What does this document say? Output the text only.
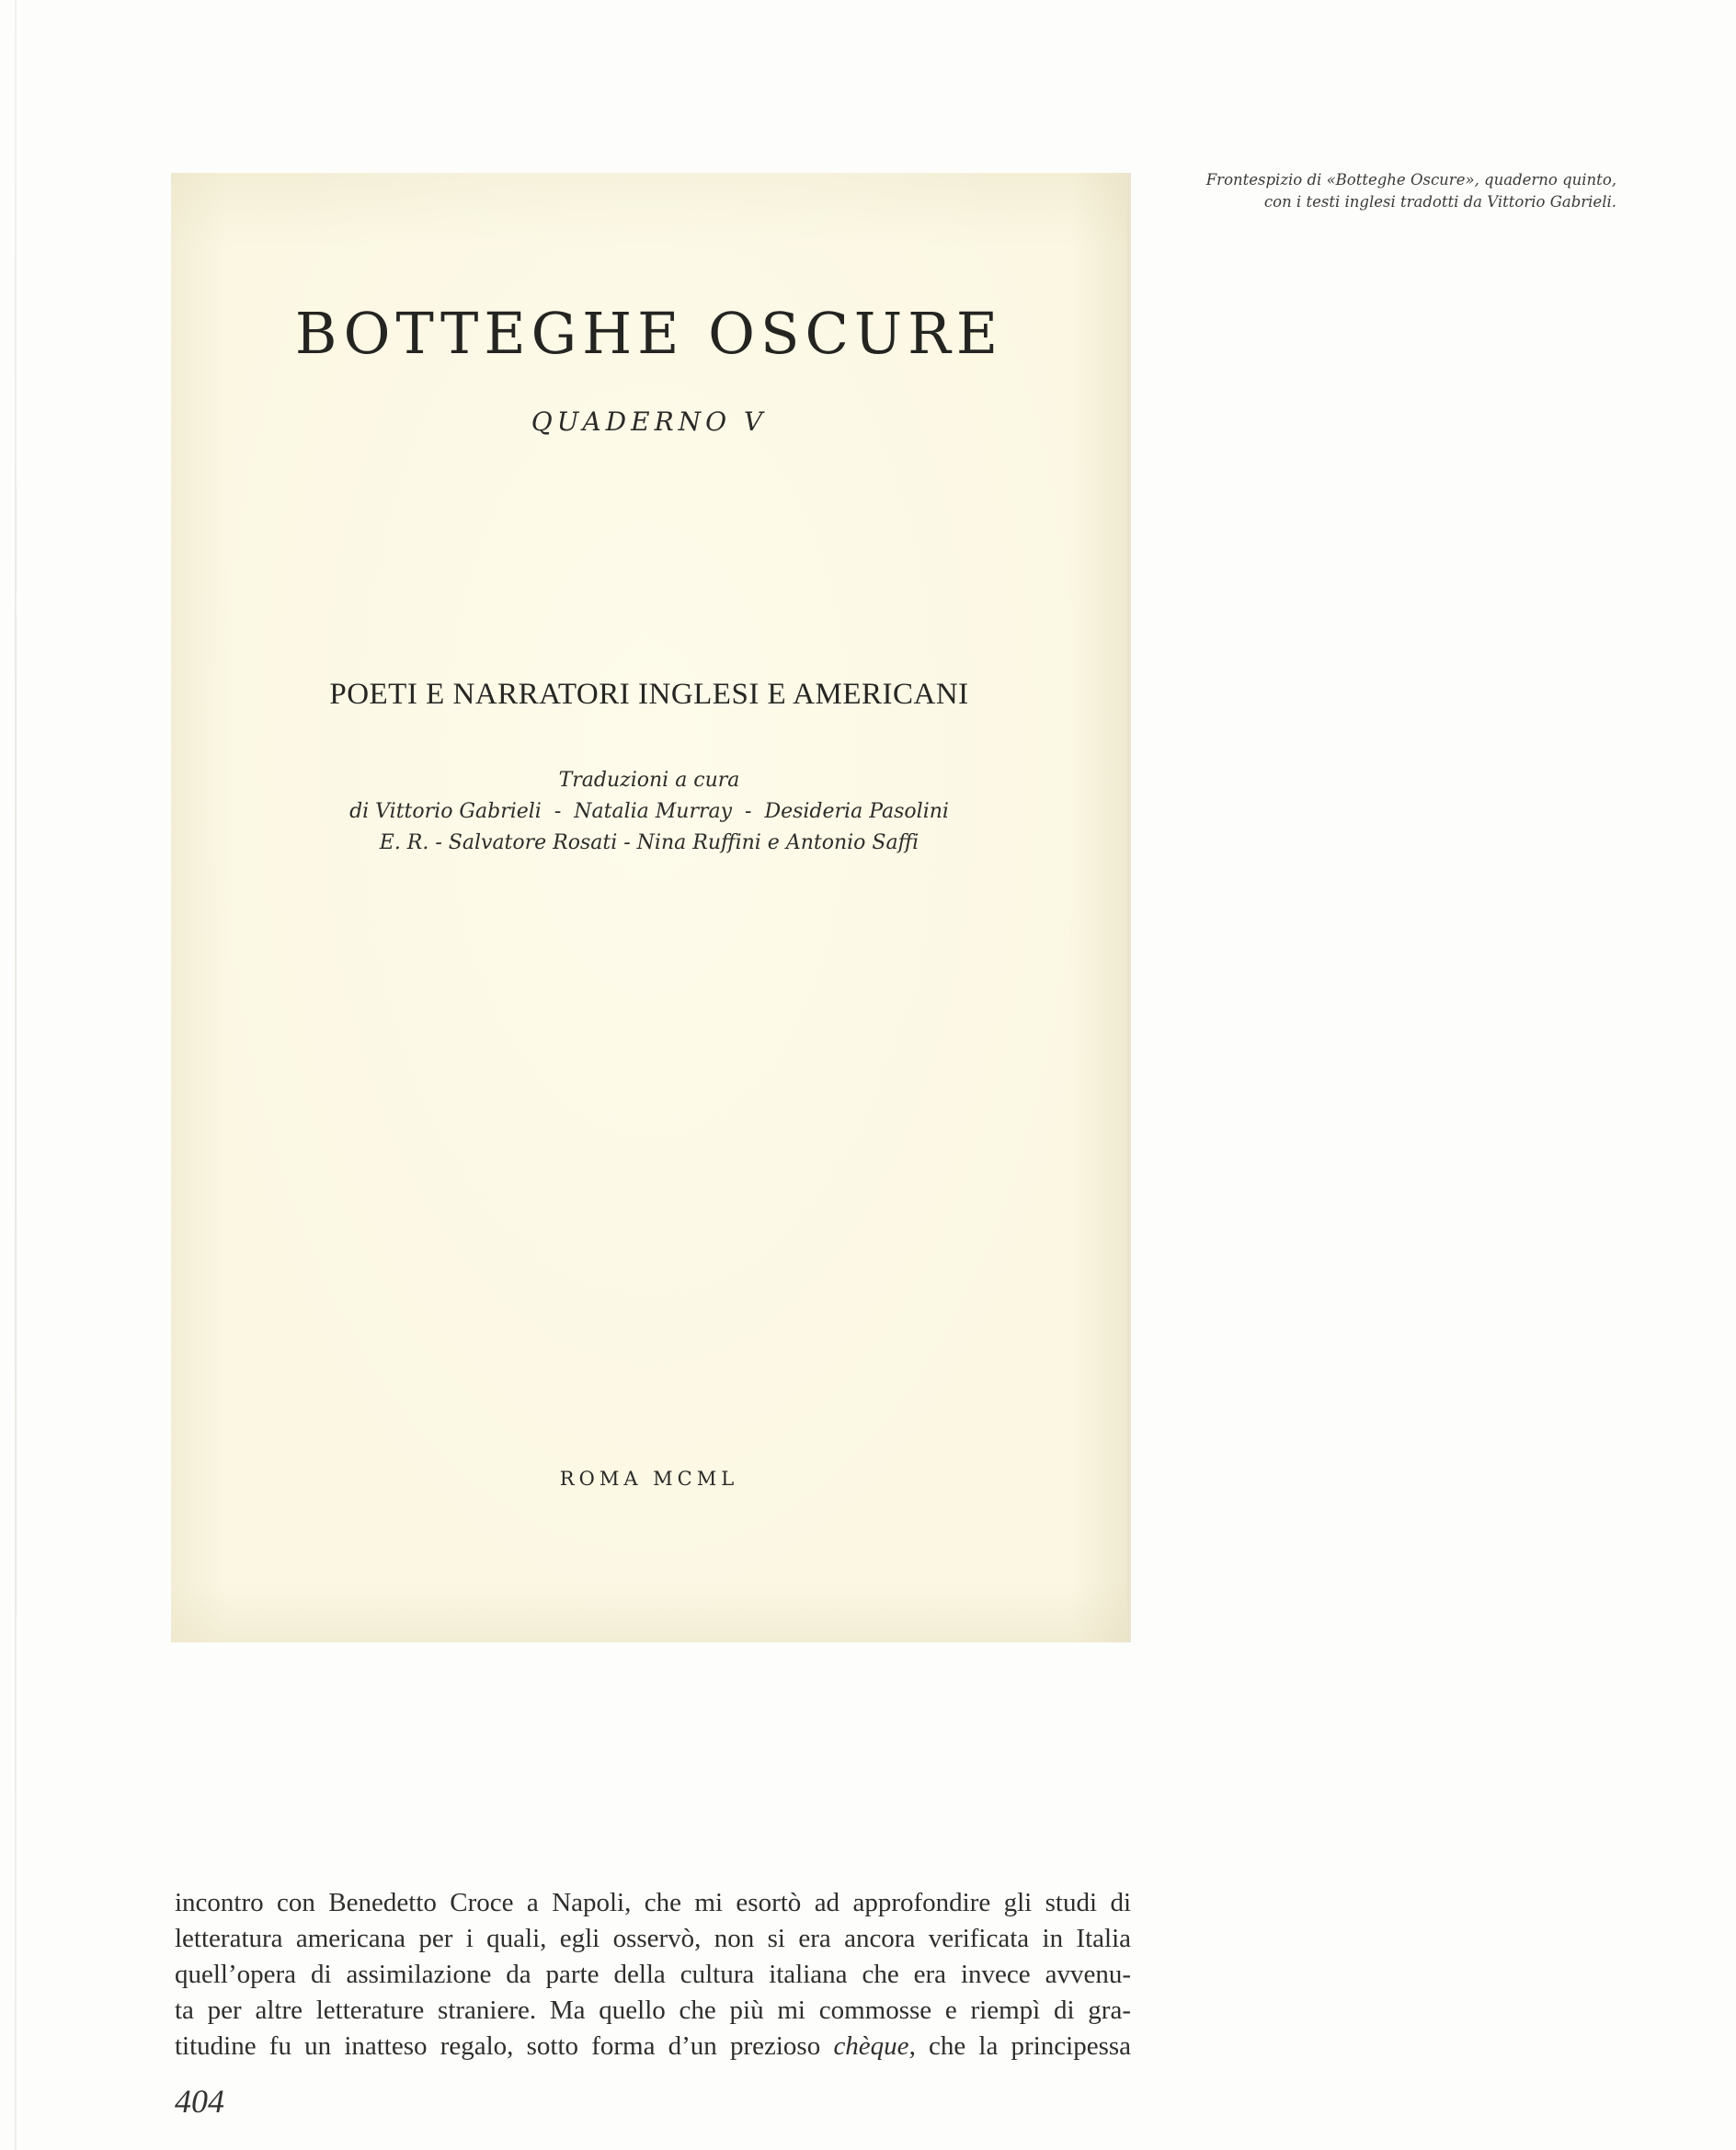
BOTTEGHE OSCURE
QUADERNO V
POETI E NARRATORI INGLESI E AMERICANI
Traduzioni a cura
di Vittorio Gabrieli  -  Natalia Murray  -  Desideria Pasolini
E. R. - Salvatore Rosati - Nina Ruffini e Antonio Saffi
ROMA MCML
Frontespizio di «Botteghe Oscure», quaderno quinto,
con i testi inglesi tradotti da Vittorio Gabrieli.
incontro con Benedetto Croce a Napoli, che mi esortò ad approfondire gli studi di
letteratura americana per i quali, egli osservò, non si era ancora verificata in Italia
quell’opera di assimilazione da parte della cultura italiana che era invece avvenu-
ta per altre letterature straniere. Ma quello che più mi commosse e riempì di gra-
titudine fu un inatteso regalo, sotto forma d’un prezioso chèque, che la principessa
404
